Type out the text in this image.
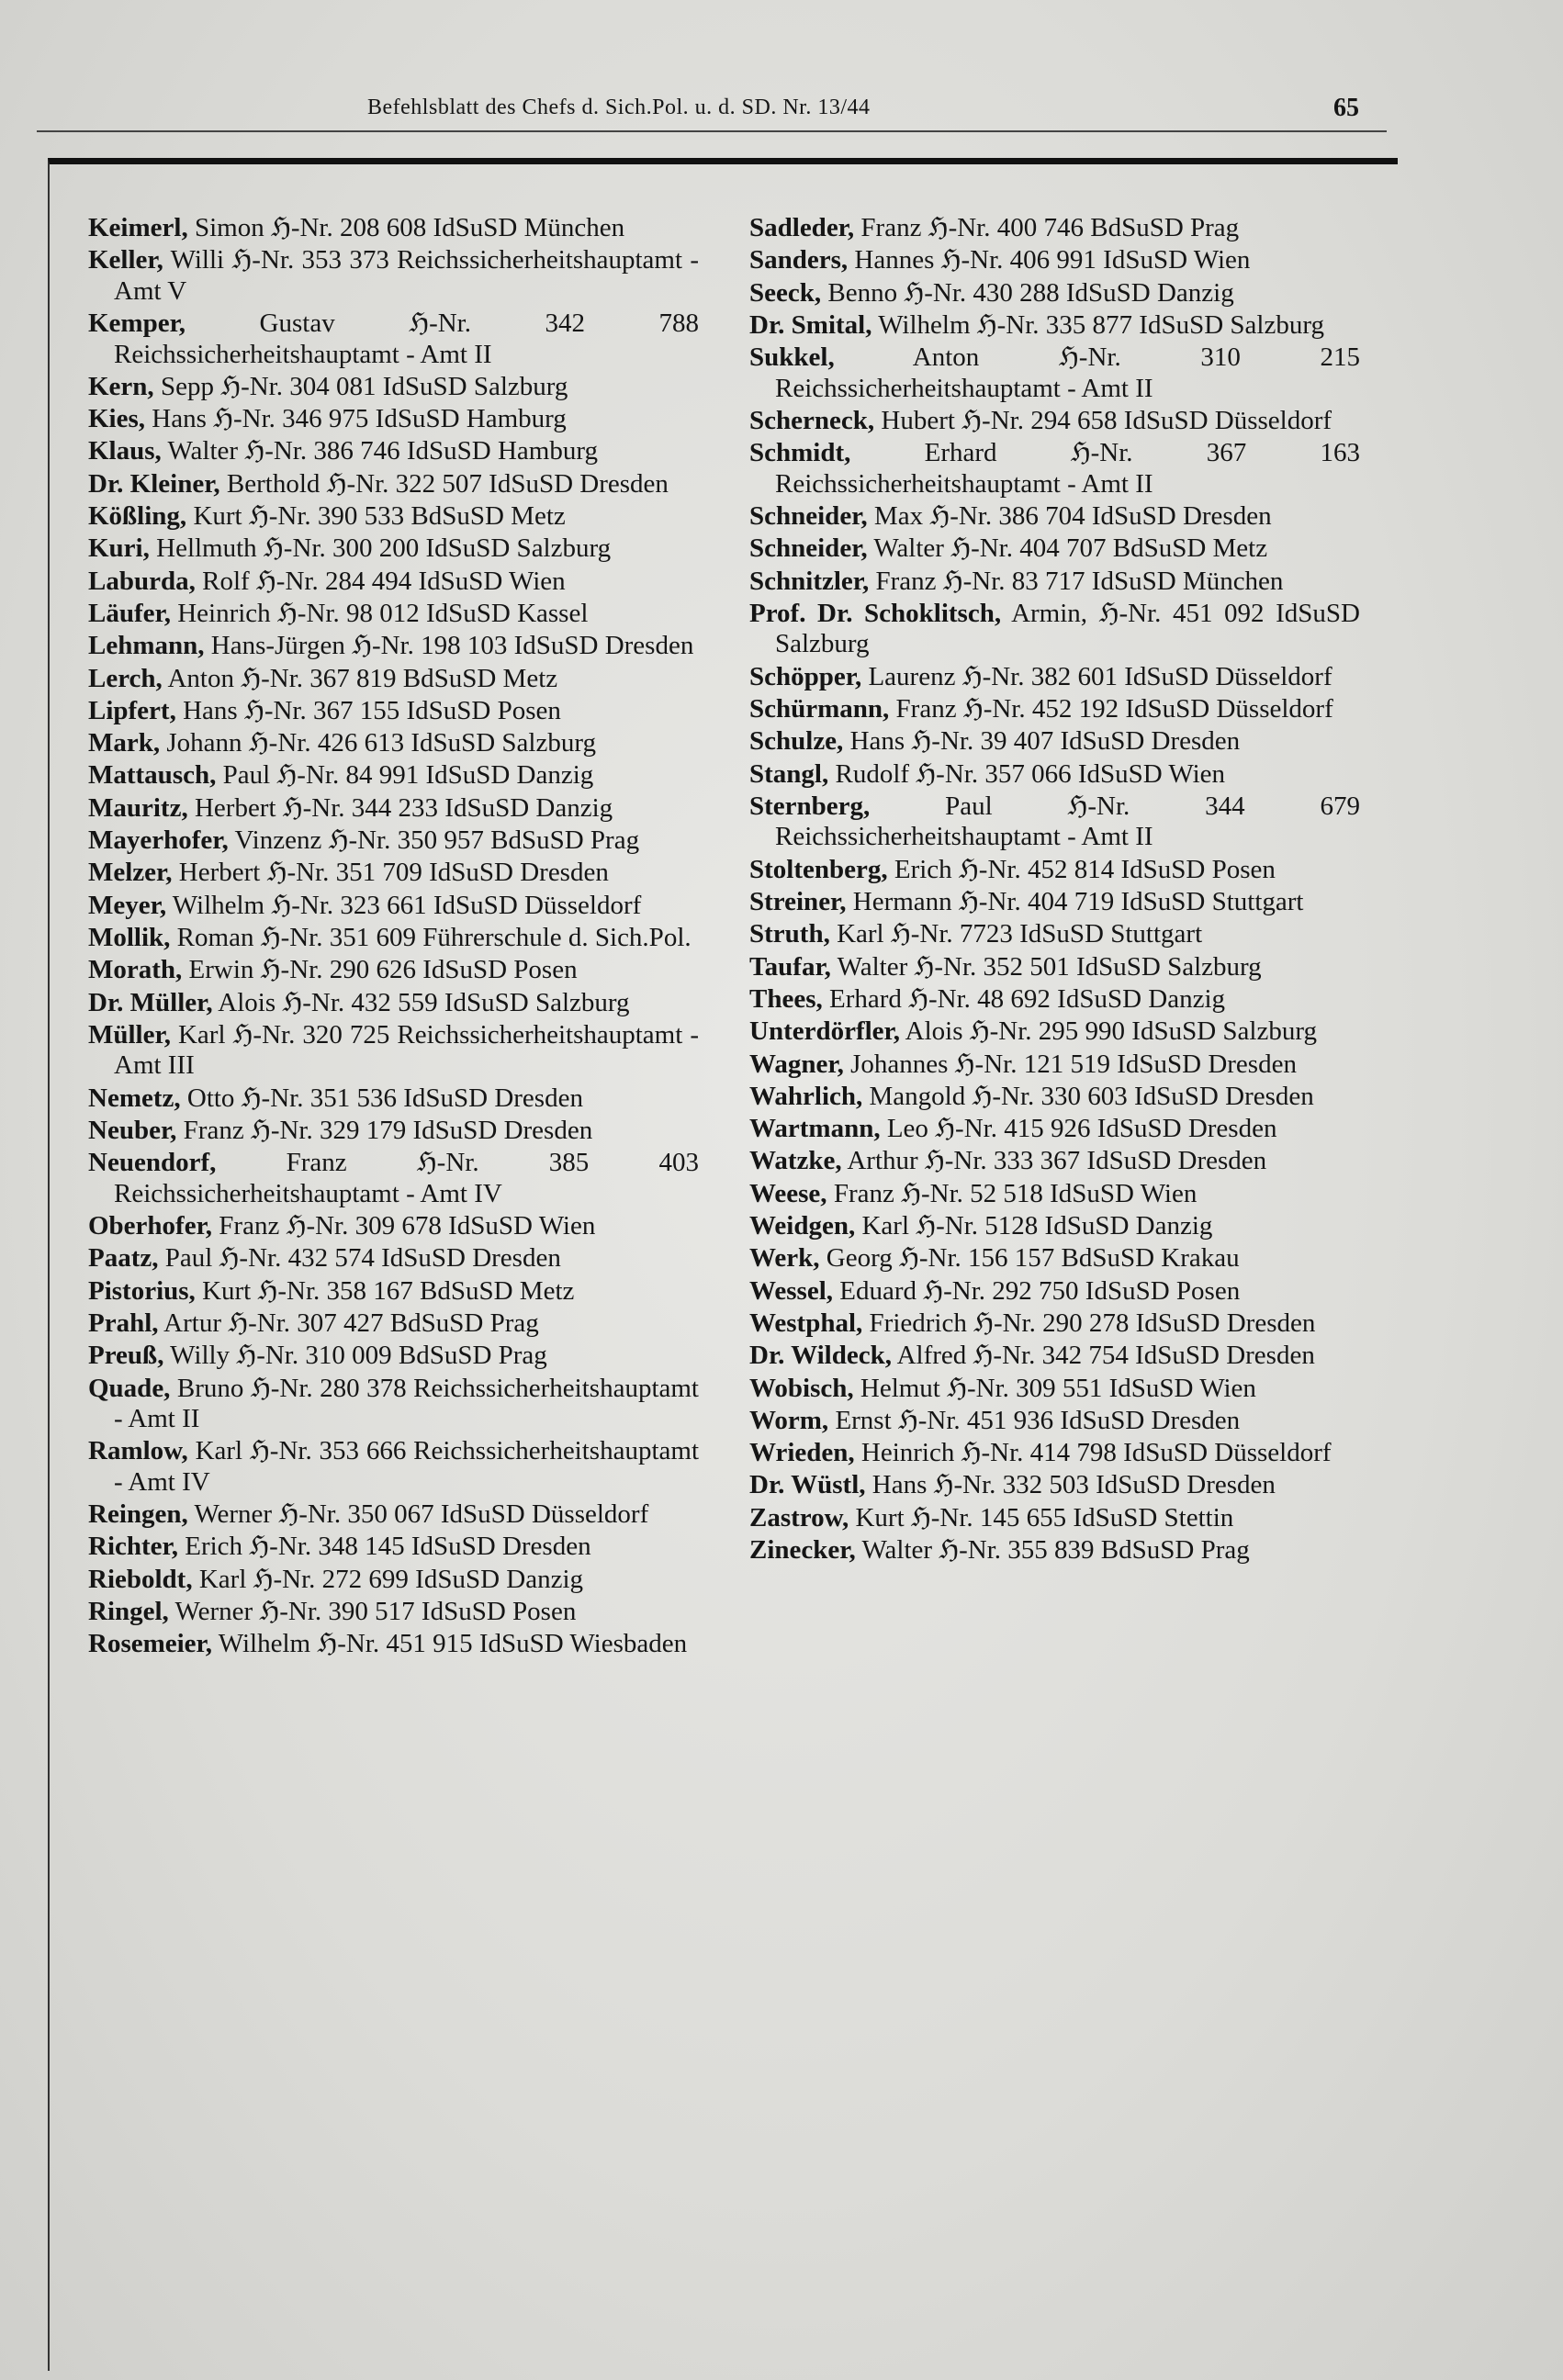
Befehlsblatt des Chefs d. Sich.Pol. u. d. SD. Nr. 13/44	65

Keimerl, Simon ℌ-Nr. 208 608 IdSuSD München

Keller, Willi ℌ-Nr. 353 373 Reichssicherheitshauptamt - Amt V

Kemper, Gustav ℌ-Nr. 342 788 Reichssicherheitshauptamt - Amt II

Kern, Sepp ℌ-Nr. 304 081 IdSuSD Salzburg

Kies, Hans ℌ-Nr. 346 975 IdSuSD Hamburg

Klaus, Walter ℌ-Nr. 386 746 IdSuSD Hamburg

Dr. Kleiner, Berthold ℌ-Nr. 322 507 IdSuSD Dresden

Kößling, Kurt ℌ-Nr. 390 533 BdSuSD Metz

Kuri, Hellmuth ℌ-Nr. 300 200 IdSuSD Salzburg

Laburda, Rolf ℌ-Nr. 284 494 IdSuSD Wien

Läufer, Heinrich ℌ-Nr. 98 012 IdSuSD Kassel

Lehmann, Hans-Jürgen ℌ-Nr. 198 103 IdSuSD Dresden

Lerch, Anton ℌ-Nr. 367 819 BdSuSD Metz

Lipfert, Hans ℌ-Nr. 367 155 IdSuSD Posen

Mark, Johann ℌ-Nr. 426 613 IdSuSD Salzburg

Mattausch, Paul ℌ-Nr. 84 991 IdSuSD Danzig

Mauritz, Herbert ℌ-Nr. 344 233 IdSuSD Danzig

Mayerhofer, Vinzenz ℌ-Nr. 350 957 BdSuSD Prag

Melzer, Herbert ℌ-Nr. 351 709 IdSuSD Dresden

Meyer, Wilhelm ℌ-Nr. 323 661 IdSuSD Düsseldorf

Mollik, Roman ℌ-Nr. 351 609 Führerschule d. Sich.Pol.

Morath, Erwin ℌ-Nr. 290 626 IdSuSD Posen

Dr. Müller, Alois ℌ-Nr. 432 559 IdSuSD Salzburg

Müller, Karl ℌ-Nr. 320 725 Reichssicherheitshauptamt - Amt III

Nemetz, Otto ℌ-Nr. 351 536 IdSuSD Dresden

Neuber, Franz ℌ-Nr. 329 179 IdSuSD Dresden

Neuendorf, Franz ℌ-Nr. 385 403 Reichssicherheitshauptamt - Amt IV

Oberhofer, Franz ℌ-Nr. 309 678 IdSuSD Wien

Paatz, Paul ℌ-Nr. 432 574 IdSuSD Dresden

Pistorius, Kurt ℌ-Nr. 358 167 BdSuSD Metz

Prahl, Artur ℌ-Nr. 307 427 BdSuSD Prag

Preuß, Willy ℌ-Nr. 310 009 BdSuSD Prag

Quade, Bruno ℌ-Nr. 280 378 Reichssicherheitshauptamt - Amt II

Ramlow, Karl ℌ-Nr. 353 666 Reichssicherheitshauptamt - Amt IV

Reingen, Werner ℌ-Nr. 350 067 IdSuSD Düsseldorf

Richter, Erich ℌ-Nr. 348 145 IdSuSD Dresden

Rieboldt, Karl ℌ-Nr. 272 699 IdSuSD Danzig

Ringel, Werner ℌ-Nr. 390 517 IdSuSD Posen

Rosemeier, Wilhelm ℌ-Nr. 451 915 IdSuSD Wiesbaden

Sadleder, Franz ℌ-Nr. 400 746 BdSuSD Prag

Sanders, Hannes ℌ-Nr. 406 991 IdSuSD Wien

Seeck, Benno ℌ-Nr. 430 288 IdSuSD Danzig

Dr. Smital, Wilhelm ℌ-Nr. 335 877 IdSuSD Salzburg

Sukkel, Anton ℌ-Nr. 310 215 Reichssicherheitshauptamt - Amt II

Scherneck, Hubert ℌ-Nr. 294 658 IdSuSD Düsseldorf

Schmidt, Erhard ℌ-Nr. 367 163 Reichssicherheitshauptamt - Amt II

Schneider, Max ℌ-Nr. 386 704 IdSuSD Dresden

Schneider, Walter ℌ-Nr. 404 707 BdSuSD Metz

Schnitzler, Franz ℌ-Nr. 83 717 IdSuSD München

Prof. Dr. Schoklitsch, Armin, ℌ-Nr. 451 092 IdSuSD Salzburg

Schöpper, Laurenz ℌ-Nr. 382 601 IdSuSD Düsseldorf

Schürmann, Franz ℌ-Nr. 452 192 IdSuSD Düsseldorf

Schulze, Hans ℌ-Nr. 39 407 IdSuSD Dresden

Stangl, Rudolf ℌ-Nr. 357 066 IdSuSD Wien

Sternberg, Paul ℌ-Nr. 344 679 Reichssicherheitshauptamt - Amt II

Stoltenberg, Erich ℌ-Nr. 452 814 IdSuSD Posen

Streiner, Hermann ℌ-Nr. 404 719 IdSuSD Stuttgart

Struth, Karl ℌ-Nr. 7723 IdSuSD Stuttgart

Taufar, Walter ℌ-Nr. 352 501 IdSuSD Salzburg

Thees, Erhard ℌ-Nr. 48 692 IdSuSD Danzig

Unterdörfler, Alois ℌ-Nr. 295 990 IdSuSD Salzburg

Wagner, Johannes ℌ-Nr. 121 519 IdSuSD Dresden

Wahrlich, Mangold ℌ-Nr. 330 603 IdSuSD Dresden

Wartmann, Leo ℌ-Nr. 415 926 IdSuSD Dresden

Watzke, Arthur ℌ-Nr. 333 367 IdSuSD Dresden

Weese, Franz ℌ-Nr. 52 518 IdSuSD Wien

Weidgen, Karl ℌ-Nr. 5128 IdSuSD Danzig

Werk, Georg ℌ-Nr. 156 157 BdSuSD Krakau

Wessel, Eduard ℌ-Nr. 292 750 IdSuSD Posen

Westphal, Friedrich ℌ-Nr. 290 278 IdSuSD Dresden

Dr. Wildeck, Alfred ℌ-Nr. 342 754 IdSuSD Dresden

Wobisch, Helmut ℌ-Nr. 309 551 IdSuSD Wien

Worm, Ernst ℌ-Nr. 451 936 IdSuSD Dresden

Wrieden, Heinrich ℌ-Nr. 414 798 IdSuSD Düsseldorf

Dr. Wüstl, Hans ℌ-Nr. 332 503 IdSuSD Dresden

Zastrow, Kurt ℌ-Nr. 145 655 IdSuSD Stettin

Zinecker, Walter ℌ-Nr. 355 839 BdSuSD Prag
